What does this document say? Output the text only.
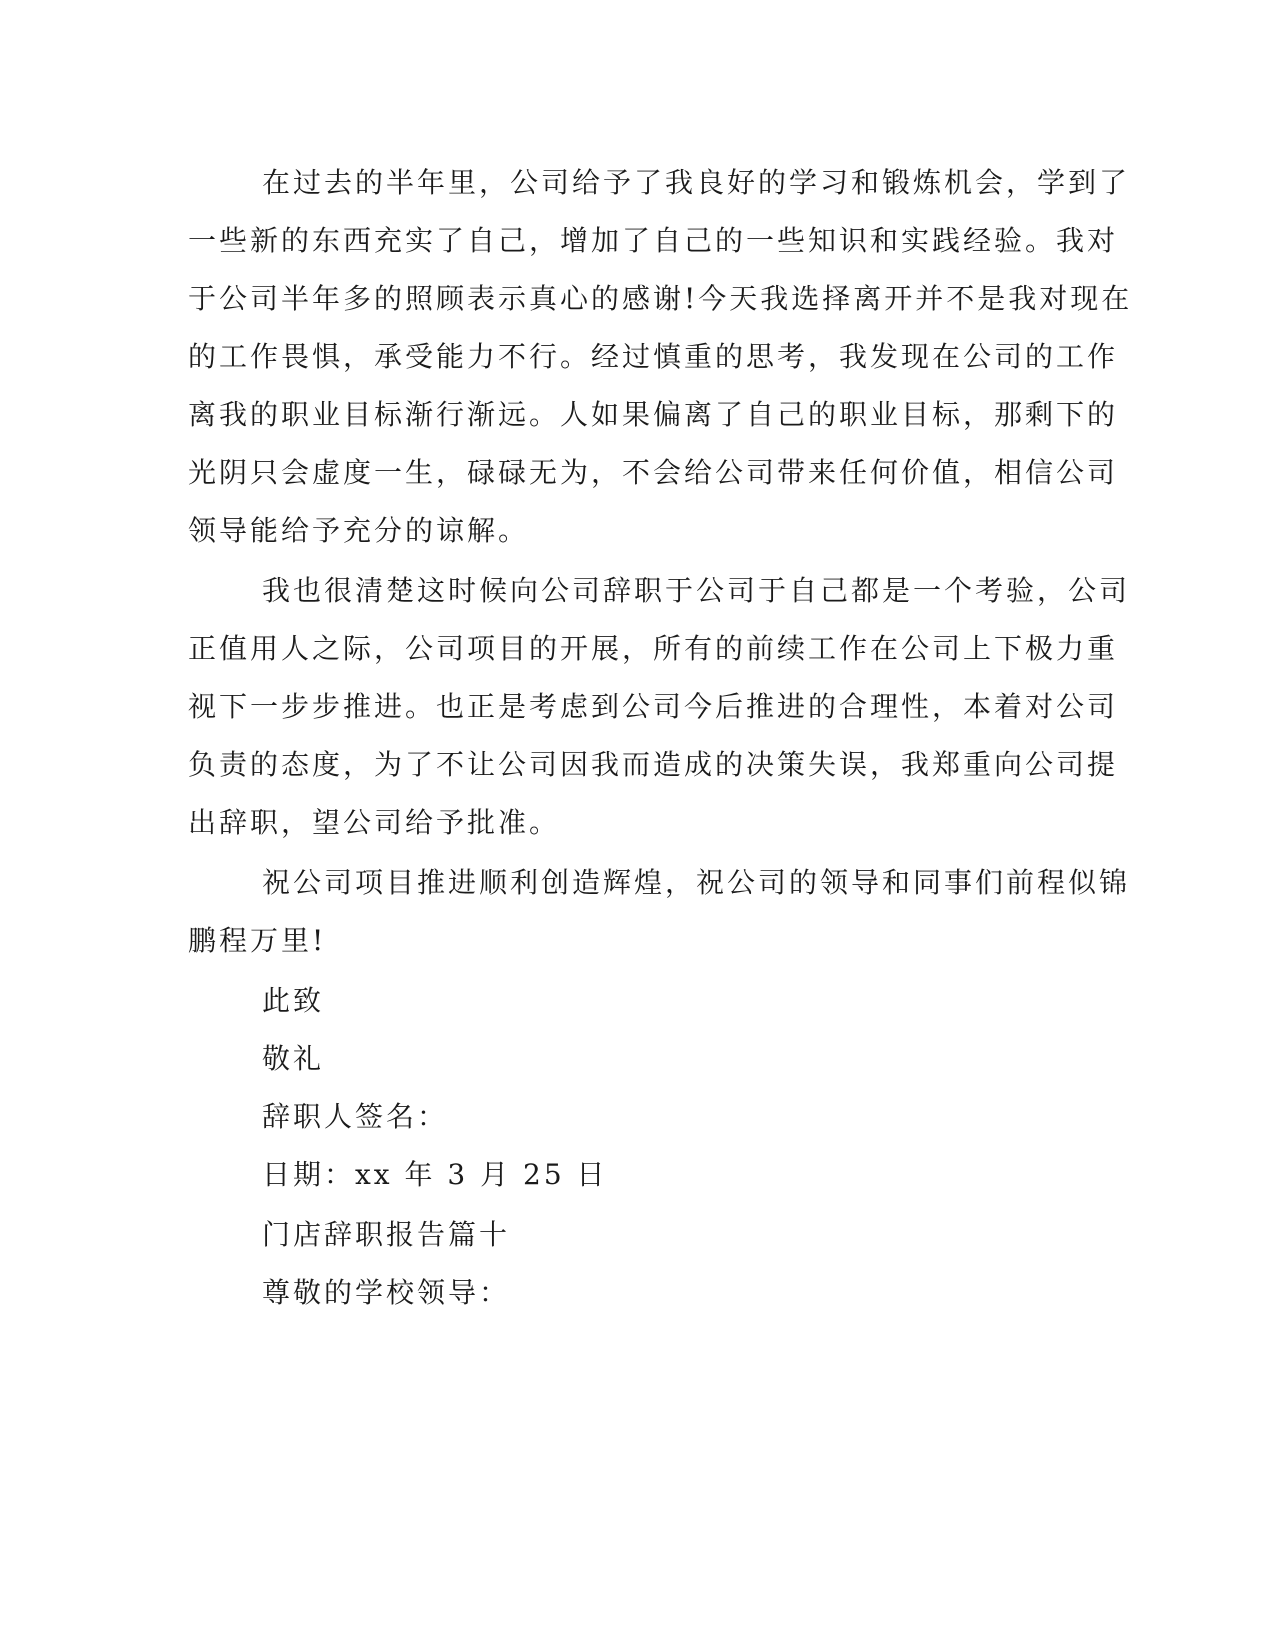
在过去的半年里，公司给予了我良好的学习和锻炼机会，学到了
一些新的东西充实了自己，增加了自己的一些知识和实践经验。我对
于公司半年多的照顾表示真心的感谢!今天我选择离开并不是我对现在
的工作畏惧，承受能力不行。经过慎重的思考，我发现在公司的工作
离我的职业目标渐行渐远。人如果偏离了自己的职业目标，那剩下的
光阴只会虚度一生，碌碌无为，不会给公司带来任何价值，相信公司
领导能给予充分的谅解。
我也很清楚这时候向公司辞职于公司于自己都是一个考验，公司
正值用人之际，公司项目的开展，所有的前续工作在公司上下极力重
视下一步步推进。也正是考虑到公司今后推进的合理性，本着对公司
负责的态度，为了不让公司因我而造成的决策失误，我郑重向公司提
出辞职，望公司给予批准。
祝公司项目推进顺利创造辉煌，祝公司的领导和同事们前程似锦
鹏程万里!
此致
敬礼
辞职人签名：
日期：xx 年 3 月 25 日
门店辞职报告篇十
尊敬的学校领导：
